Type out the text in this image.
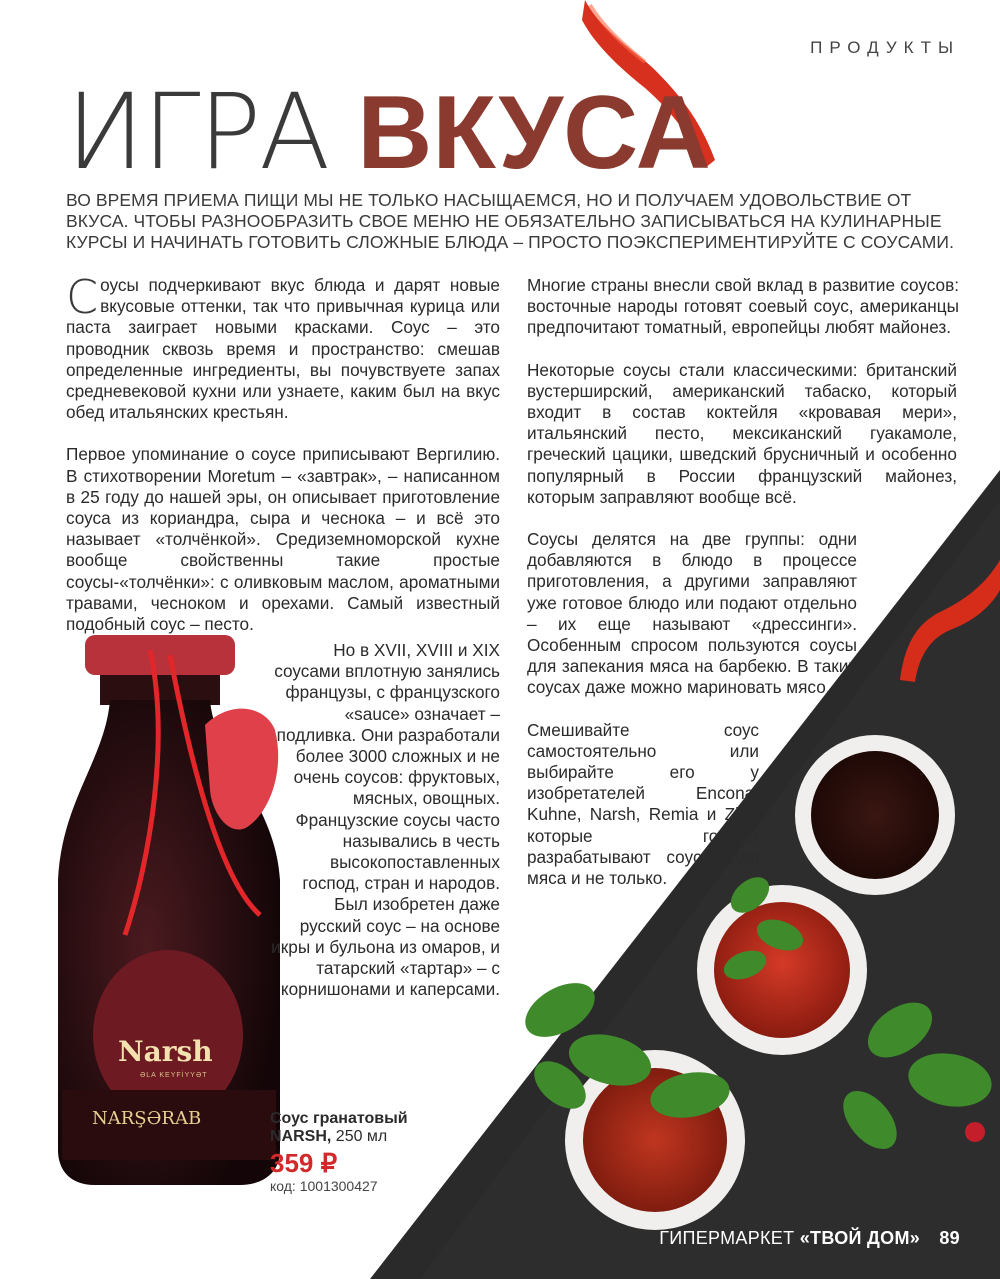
ПРОДУКТЫ
ИГРА ВКУСА
ВО ВРЕМЯ ПРИЕМА ПИЩИ МЫ НЕ ТОЛЬКО НАСЫЩАЕМСЯ, НО И ПОЛУЧАЕМ УДОВОЛЬСТВИЕ ОТ ВКУСА. ЧТОБЫ РАЗНООБРАЗИТЬ СВОЕ МЕНЮ НЕ ОБЯЗАТЕЛЬНО ЗАПИСЫВАТЬСЯ НА КУЛИНАРНЫЕ КУРСЫ И НАЧИНАТЬ ГОТОВИТЬ СЛОЖНЫЕ БЛЮДА – ПРОСТО ПОЭКСПЕРИМЕНТИРУЙТЕ С СОУСАМИ.

Соусы подчеркивают вкус блюда и дарят новые вкусовые оттенки, так что привычная курица или паста заиграет новыми красками. Соус – это проводник сквозь время и пространство: смешав определенные ингредиенты, вы почувствуете запах средневековой кухни или узнаете, каким был на вкус обед итальянских крестьян.

Первое упоминание о соусе приписывают Вергилию. В стихотворении Moretum – «завтрак», – написанном в 25 году до нашей эры, он описывает приготовление соуса из кориандра, сыра и чеснока – и всё это называет «толчёнкой». Средиземноморской кухне вообще свойственны такие простые соусы-«толчёнки»: с оливковым маслом, ароматными травами, чесноком и орехами. Самый известный подобный соус – песто.

Но в XVII, XVIII и XIX соусами вплотную занялись французы, с французского «sauce» означает – подливка. Они разработали более 3000 сложных и не очень соусов: фруктовых, мясных, овощных. Французские соусы часто назывались в честь высокопоставленных господ, стран и народов. Был изобретен даже русский соус – на основе икры и бульона из омаров, и татарский «тартар» – с корнишонами и каперсами.

Многие страны внесли свой вклад в развитие соусов: восточные народы готовят соевый соус, американцы предпочитают томатный, европейцы любят майонез.

Некоторые соусы стали классическими: британский вустерширский, американский табаско, который входит в состав коктейля «кровавая мери», итальянский песто, мексиканский гуакамоле, греческий цацики, шведский брусничный и особенно популярный в России французский майонез, которым заправляют вообще всё.

Соусы делятся на две группы: одни добавляются в блюдо в процессе приготовления, а другими заправляют уже готовое блюдо или подают отдельно – их еще называют «дрессинги». Особенным спросом пользуются соусы для запекания мяса на барбекю. В таких соусах даже можно мариновать мясо.

Смешивайте соус самостоятельно или выбирайте его у изобретателей Encona, Kuhne, Narsh, Remia и Zira, которые годами разрабатывают соусы для мяса и не только.

Narsh
ƏLA KEYFİYYƏT
NARŞƏRAB	Соус гранатовый
NARSH, 250 мл
359 ₽
код: 1001300427
ГИПЕРМАРКЕТ «ТВОЙ ДОМ» 89
